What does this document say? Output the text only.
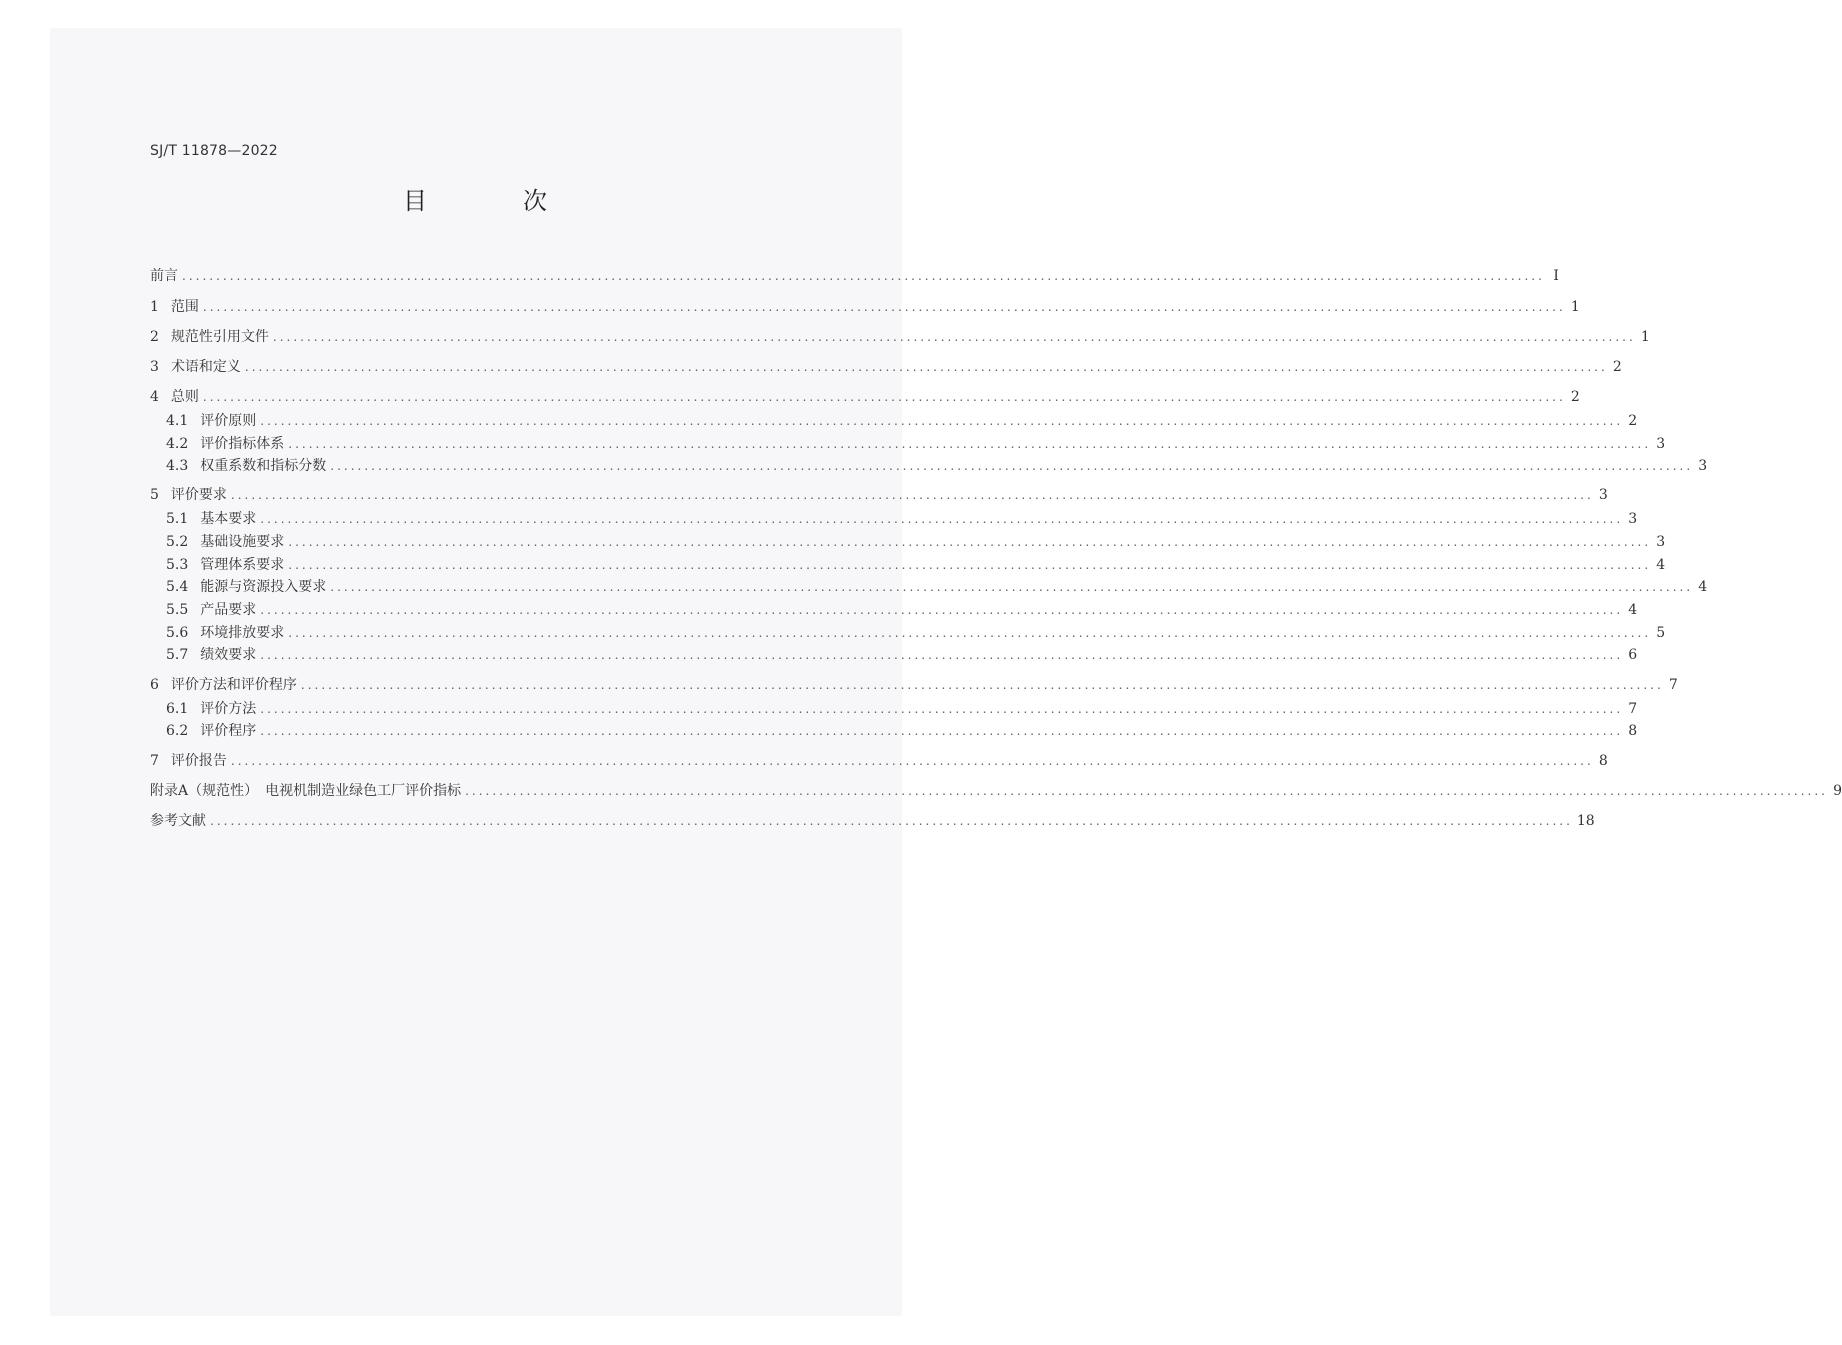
SJ/T 11878—2022
目　次
前言 ........................................................................................................................................................................................................ I
1 范围 ........................................................................................................................................................................................................ 1
2 规范性引用文件 ........................................................................................................................................................................................................ 1
3 术语和定义 ........................................................................................................................................................................................................ 2
4 总则 ........................................................................................................................................................................................................ 2
4.1 评价原则 ........................................................................................................................................................................................................ 2
4.2 评价指标体系 ........................................................................................................................................................................................................ 3
4.3 权重系数和指标分数 ........................................................................................................................................................................................................ 3
5 评价要求 ........................................................................................................................................................................................................ 3
5.1 基本要求 ........................................................................................................................................................................................................ 3
5.2 基础设施要求 ........................................................................................................................................................................................................ 3
5.3 管理体系要求 ........................................................................................................................................................................................................ 4
5.4 能源与资源投入要求 ........................................................................................................................................................................................................ 4
5.5 产品要求 ........................................................................................................................................................................................................ 4
5.6 环境排放要求 ........................................................................................................................................................................................................ 5
5.7 绩效要求 ........................................................................................................................................................................................................ 6
6 评价方法和评价程序 ........................................................................................................................................................................................................ 7
6.1 评价方法 ........................................................................................................................................................................................................ 7
6.2 评价程序 ........................................................................................................................................................................................................ 8
7 评价报告 ........................................................................................................................................................................................................ 8
附录A（规范性）　电视机制造业绿色工厂评价指标 ........................................................................................................................................................................................................ 9
参考文献 ........................................................................................................................................................................................................ 18
